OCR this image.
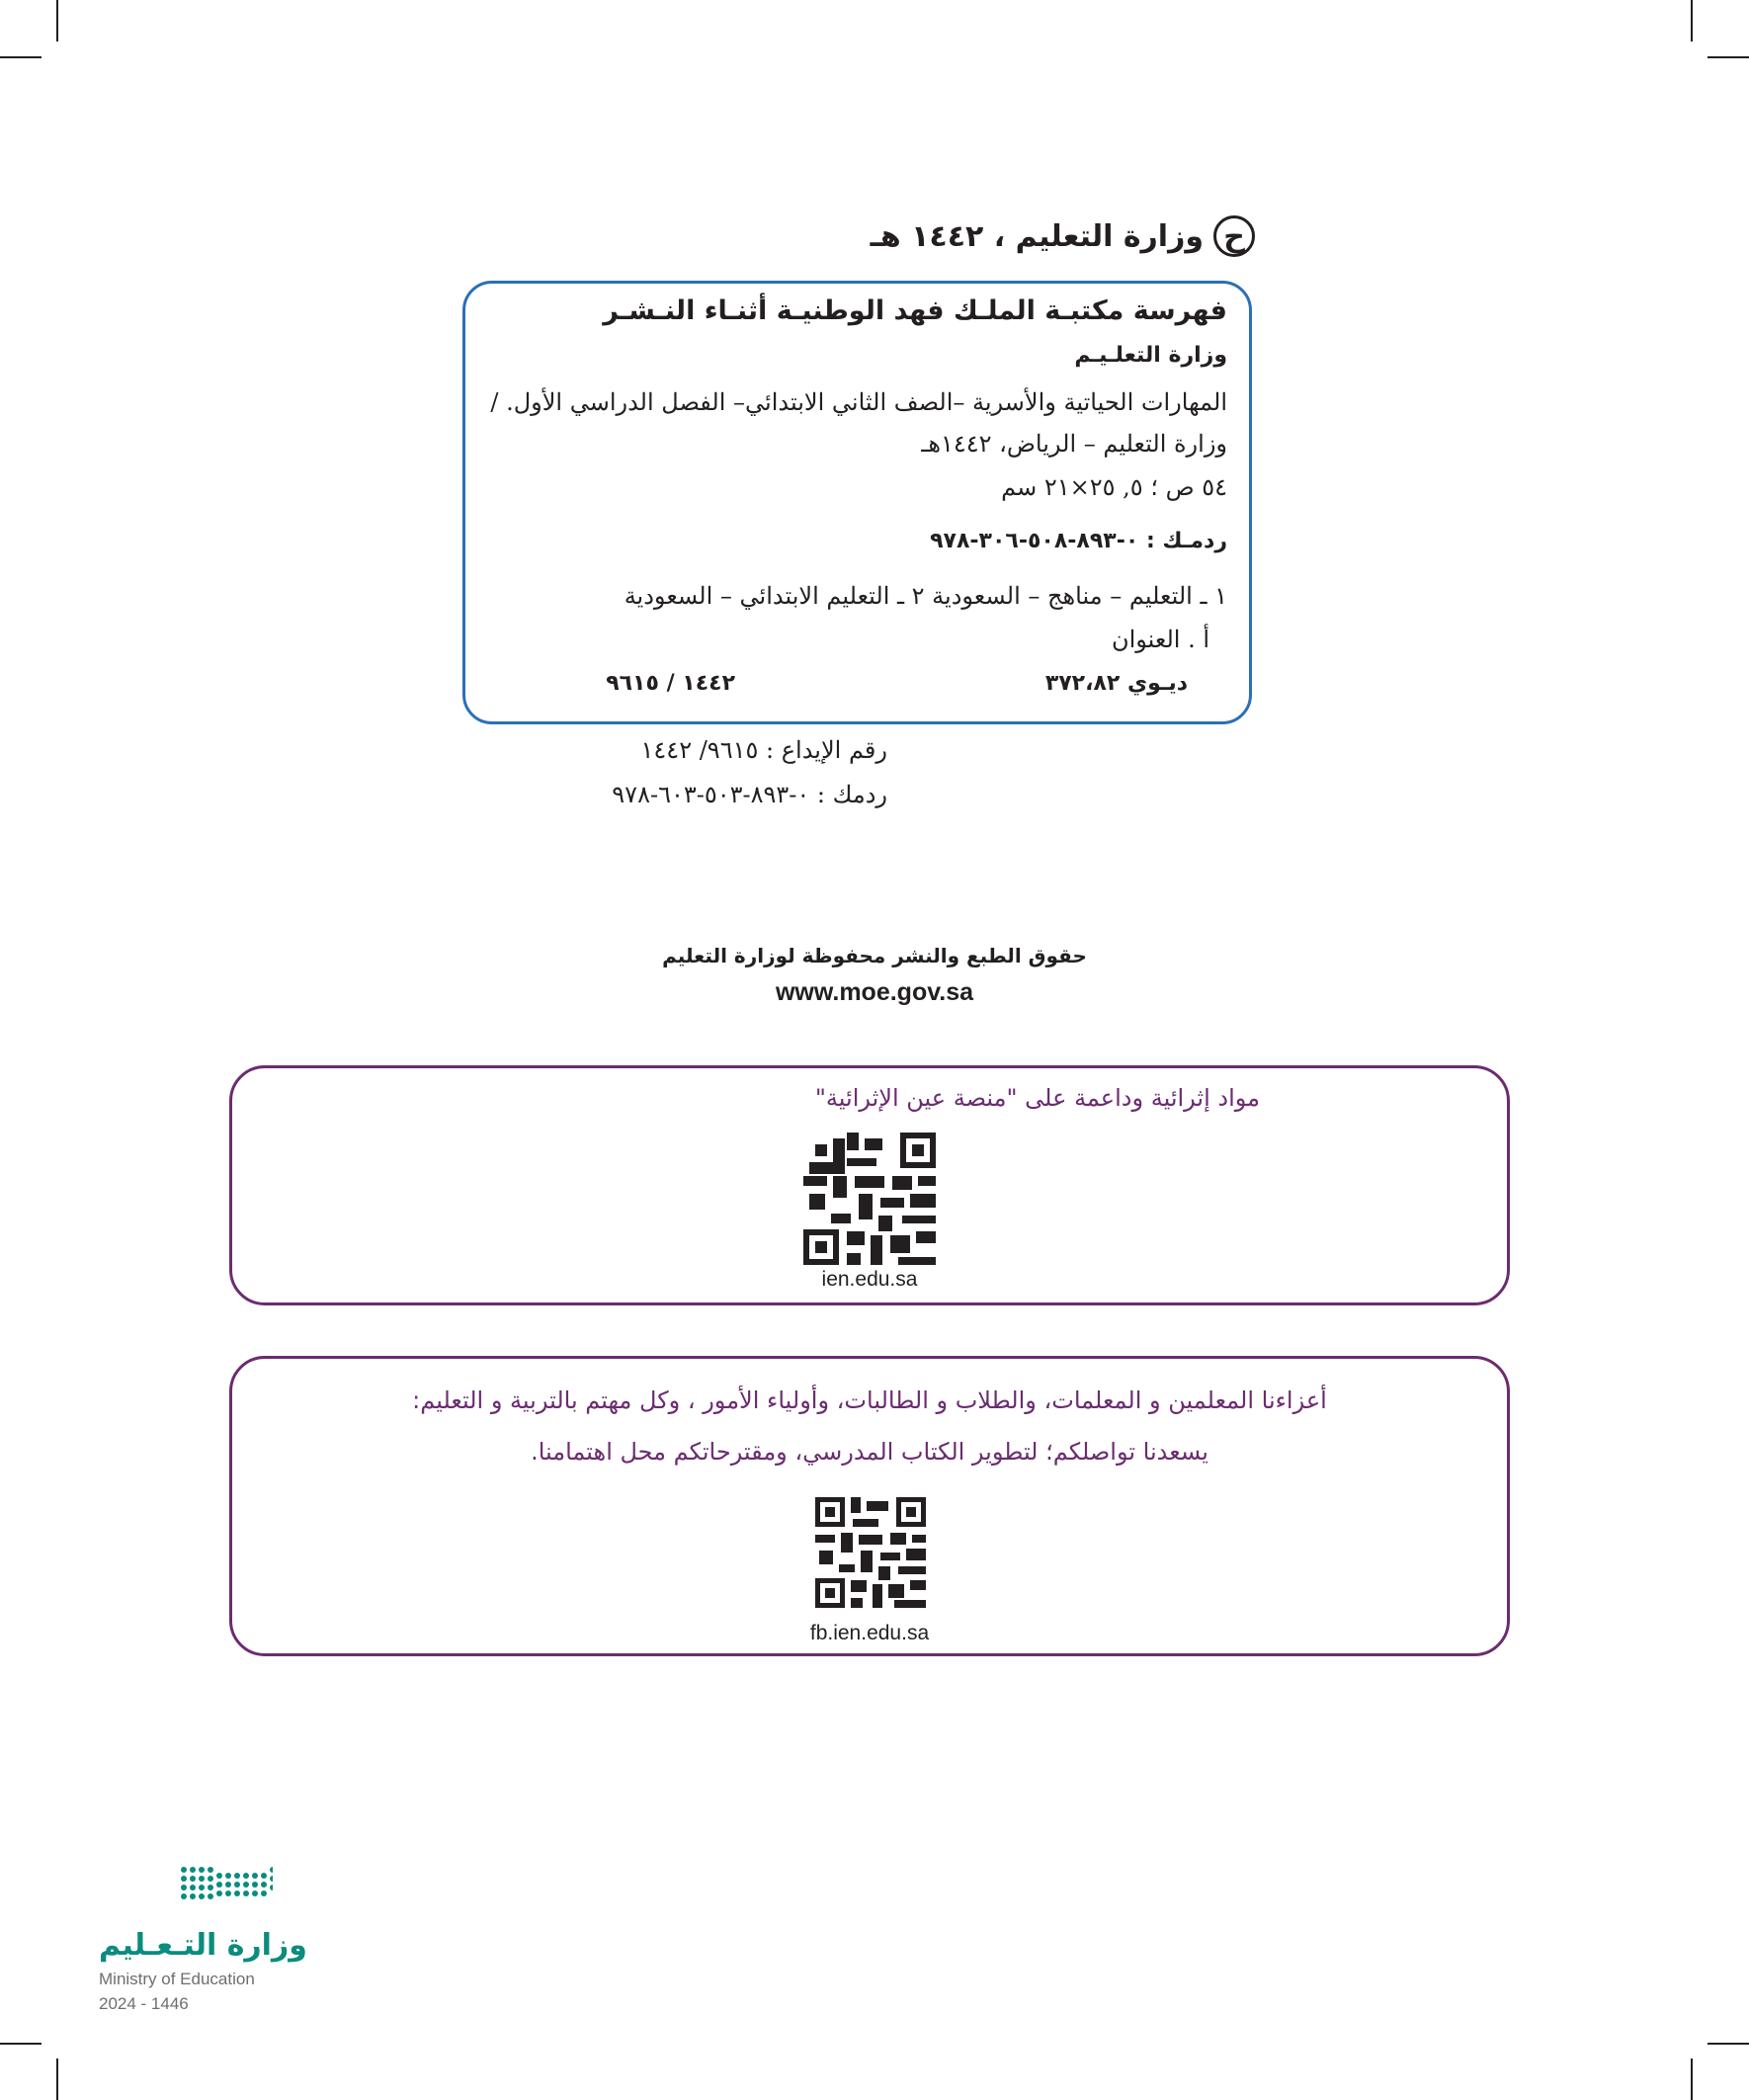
ح
وزارة التعليم ، ١٤٤٢ هـ
فهرسة مكتبـة الملـك فهد الوطنيـة أثنـاء النـشـر
وزارة التعلـيـم
المهارات الحياتية والأسرية –الصف الثاني الابتدائي– الفصل الدراسي الأول. /
وزارة التعليم – الرياض، ١٤٤٢هـ
٥٤ ص ؛ ٥, ٢٥×٢١ سم
ردمـك : ٠-٨٩٣-٥٠٨-٣٠٦-٩٧٨
١ ـ التعليم – مناهج – السعودية ٢ ـ التعليم الابتدائي – السعودية
أ . العنوان
ديـوي ٣٧٢،٨٢
١٤٤٢ / ٩٦١٥
رقم الإيداع : ٩٦١٥/ ١٤٤٢
ردمك : ٠-٨٩٣-٥٠٣-٦٠٣-٩٧٨
حقوق الطبع والنشر محفوظة لوزارة التعليم
www.moe.gov.sa
مواد إثرائية وداعمة على "منصة عين الإثرائية"
ien.edu.sa
أعزاءنا المعلمين و المعلمات، والطلاب و الطالبات، وأولياء الأمور ، وكل مهتم بالتربية و التعليم:
يسعدنا تواصلكم؛ لتطوير الكتاب المدرسي، ومقترحاتكم محل اهتمامنا.
fb.ien.edu.sa
وزارة التـعـليم
Ministry of Education
2024 - 1446
